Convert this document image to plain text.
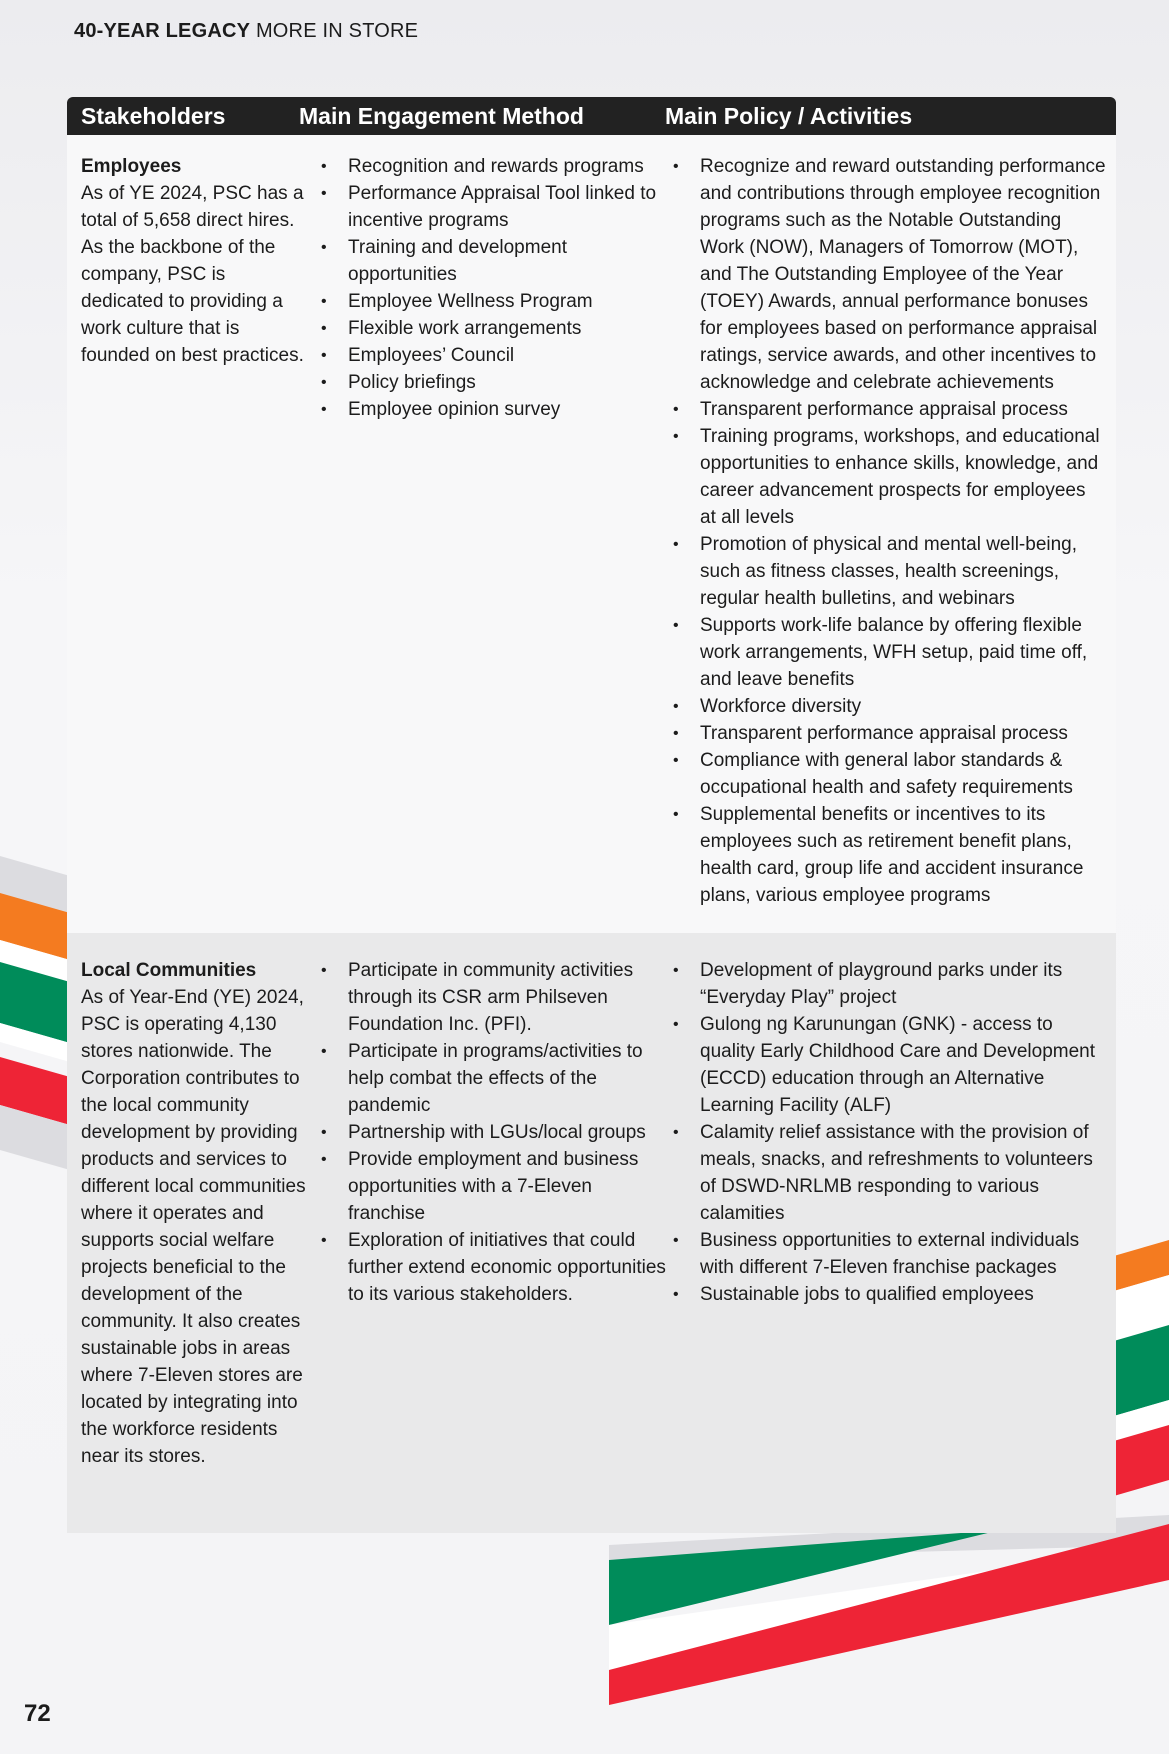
40-YEAR LEGACY MORE IN STORE
Stakeholders	Main Engagement Method	Main Policy / Activities
Employees
As of YE 2024, PSC has a total of 5,658 direct hires. As the backbone of the company, PSC is dedicated to providing a work culture that is founded on best practices.
• Recognition and rewards programs
• Performance Appraisal Tool linked to incentive programs
• Training and development opportunities
• Employee Wellness Program
• Flexible work arrangements
• Employees’ Council
• Policy briefings
• Employee opinion survey
• Recognize and reward outstanding performance and contributions through employee recognition programs such as the Notable Outstanding Work (NOW), Managers of Tomorrow (MOT), and The Outstanding Employee of the Year (TOEY) Awards, annual performance bonuses for employees based on performance appraisal ratings, service awards, and other incentives to acknowledge and celebrate achievements
• Transparent performance appraisal process
• Training programs, workshops, and educational opportunities to enhance skills, knowledge, and career advancement prospects for employees at all levels
• Promotion of physical and mental well-being, such as fitness classes, health screenings, regular health bulletins, and webinars
• Supports work-life balance by offering flexible work arrangements, WFH setup, paid time off, and leave benefits
• Workforce diversity
• Transparent performance appraisal process
• Compliance with general labor standards & occupational health and safety requirements
• Supplemental benefits or incentives to its employees such as retirement benefit plans, health card, group life and accident insurance plans, various employee programs
Local Communities
As of Year-End (YE) 2024, PSC is operating 4,130 stores nationwide. The Corporation contributes to the local community development by providing products and services to different local communities where it operates and supports social welfare projects beneficial to the development of the community. It also creates sustainable jobs in areas where 7-Eleven stores are located by integrating into the workforce residents near its stores.
• Participate in community activities through its CSR arm Philseven Foundation Inc. (PFI).
• Participate in programs/activities to help combat the effects of the pandemic
• Partnership with LGUs/local groups
• Provide employment and business opportunities with a 7-Eleven franchise
• Exploration of initiatives that could further extend economic opportunities to its various stakeholders.
• Development of playground parks under its “Everyday Play” project
• Gulong ng Karunungan (GNK) - access to quality Early Childhood Care and Development (ECCD) education through an Alternative Learning Facility (ALF)
• Calamity relief assistance with the provision of meals, snacks, and refreshments to volunteers of DSWD-NRLMB responding to various calamities
• Business opportunities to external individuals with different 7-Eleven franchise packages
• Sustainable jobs to qualified employees
72
